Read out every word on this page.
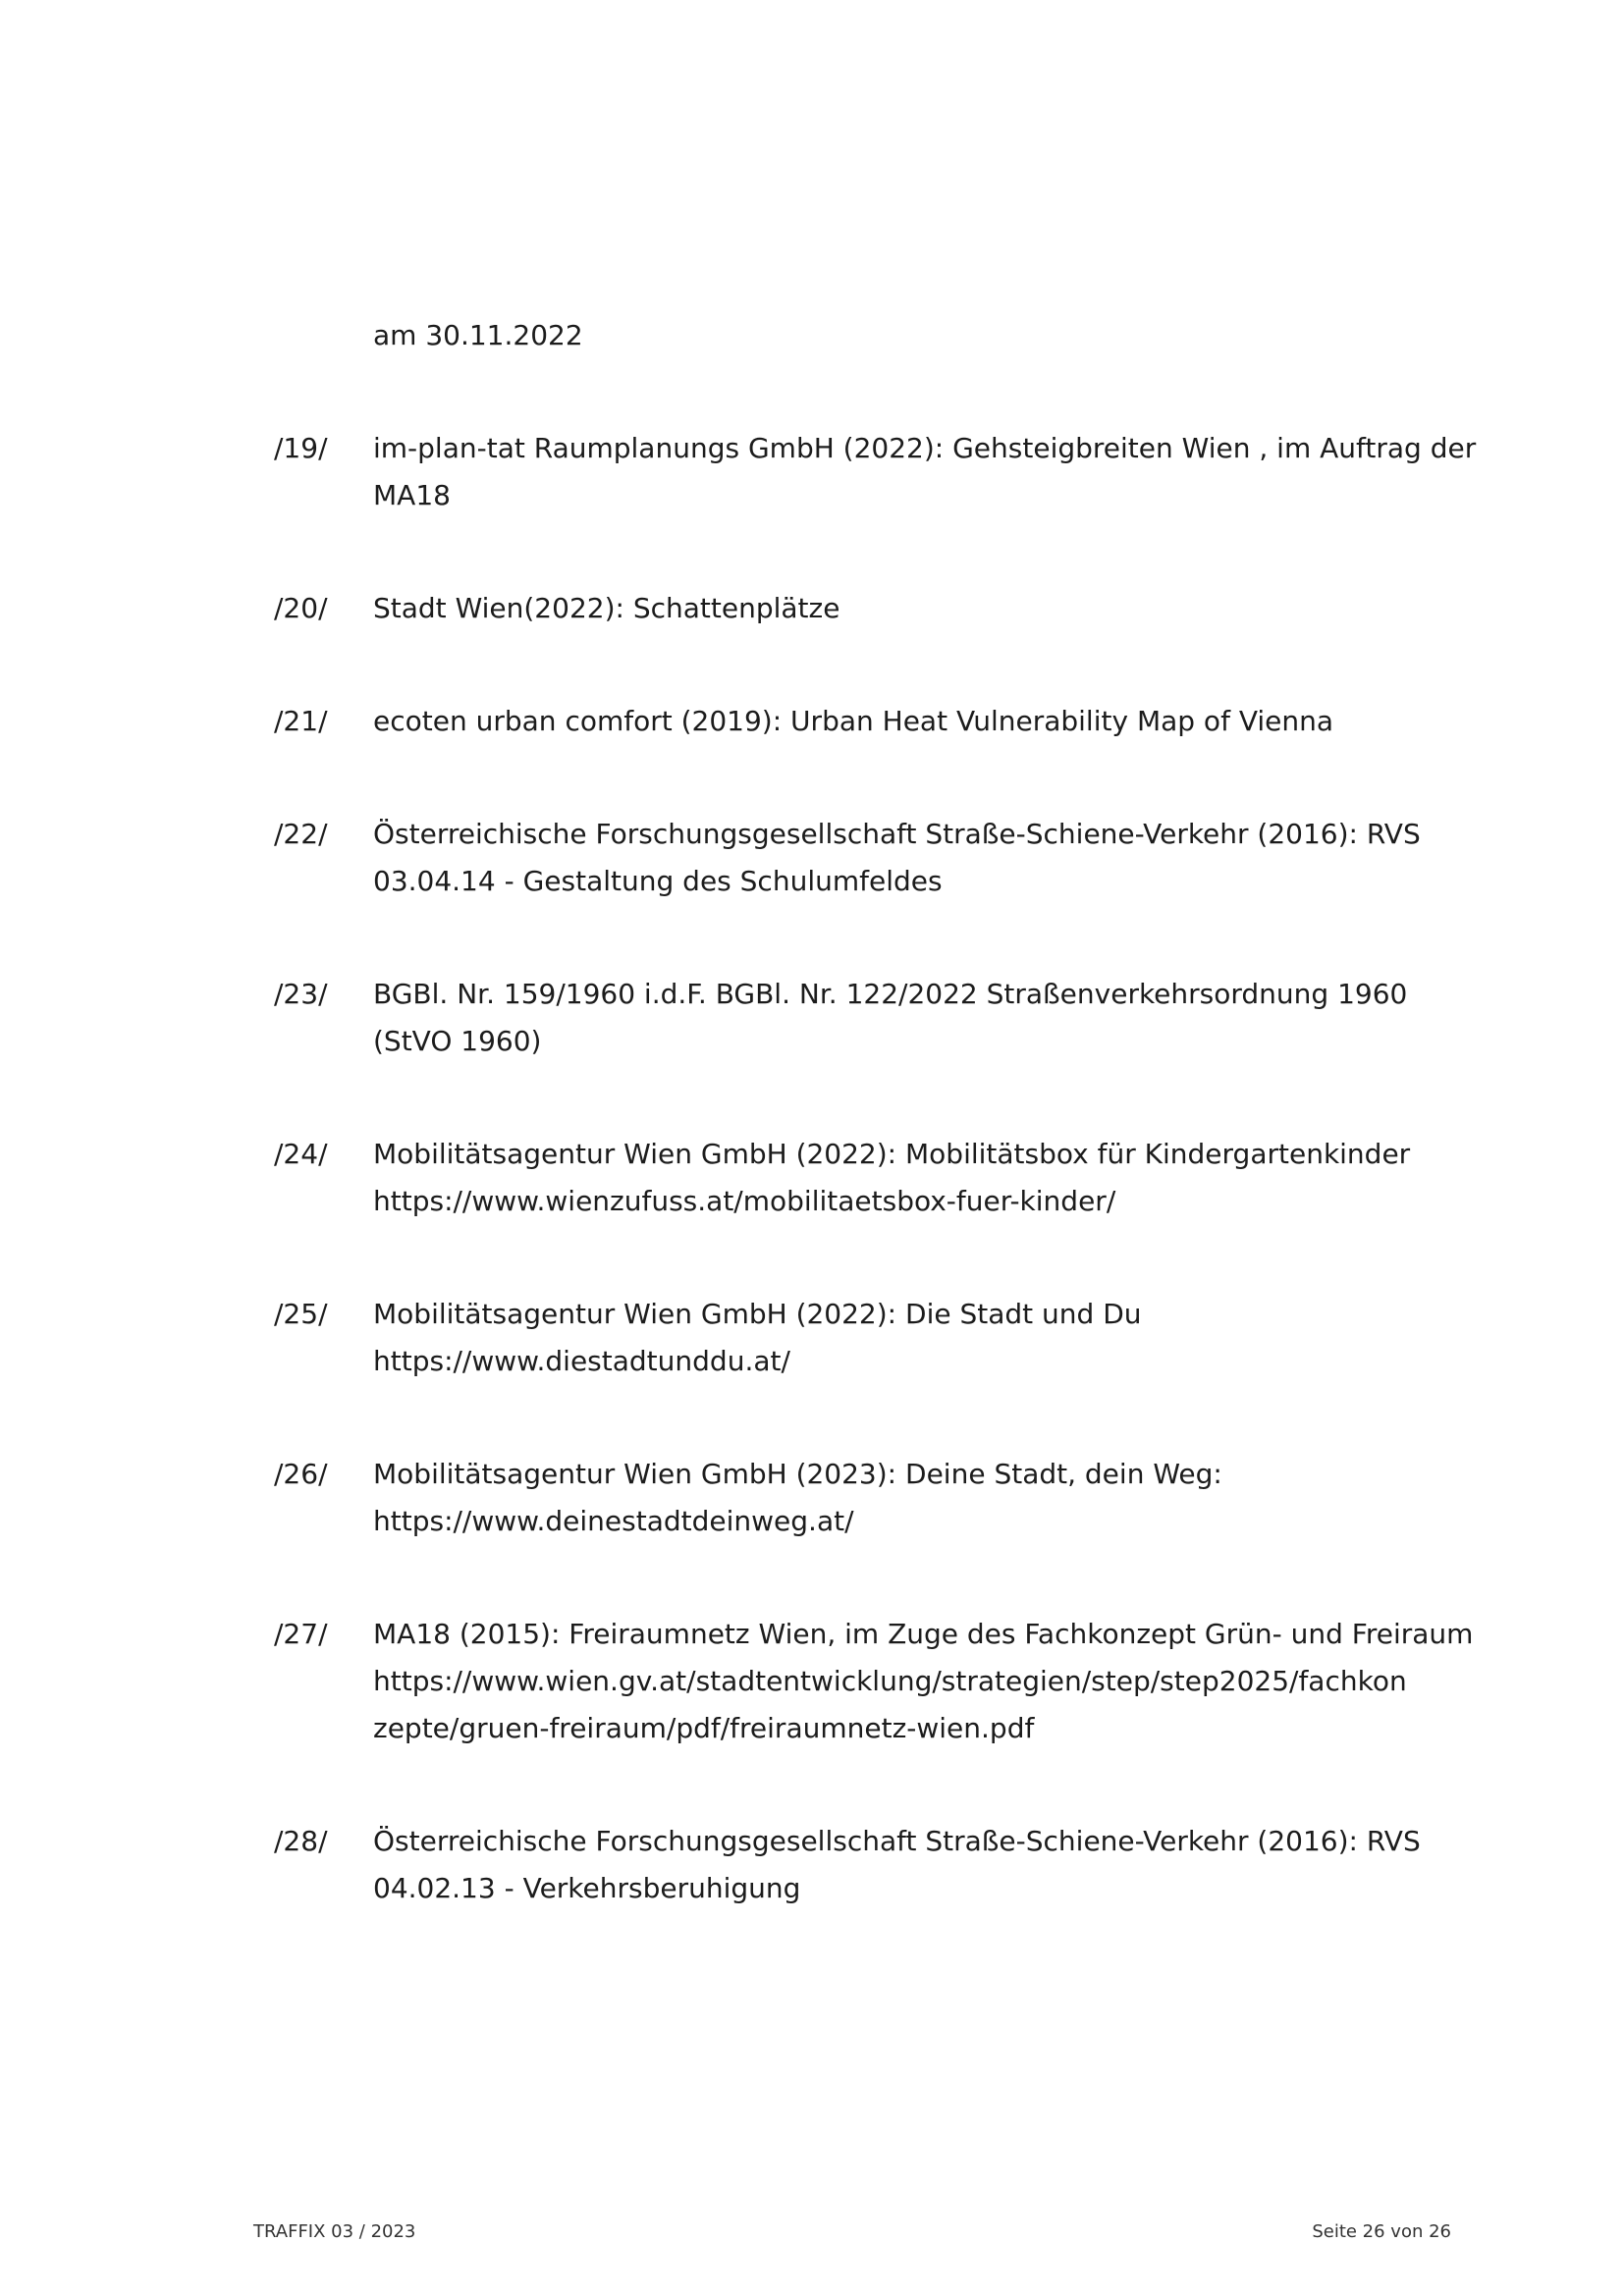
am 30.11.2022
/19/	im-plan-tat Raumplanungs GmbH (2022): Gehsteigbreiten Wien , im Auftrag der
MA18
/20/	Stadt Wien(2022): Schattenplätze
/21/	ecoten urban comfort (2019): Urban Heat Vulnerability Map of Vienna
/22/	Österreichische Forschungsgesellschaft Straße-Schiene-Verkehr (2016): RVS
03.04.14 - Gestaltung des Schulumfeldes
/23/	BGBl. Nr. 159/1960 i.d.F. BGBl. Nr. 122/2022 Straßenverkehrsordnung 1960
(StVO 1960)
/24/	Mobilitätsagentur Wien GmbH (2022): Mobilitätsbox für Kindergartenkinder
https://www.wienzufuss.at/mobilitaetsbox-fuer-kinder/
/25/	Mobilitätsagentur Wien GmbH (2022): Die Stadt und Du
https://www.diestadtunddu.at/
/26/	Mobilitätsagentur Wien GmbH (2023): Deine Stadt, dein Weg:
https://www.deinestadtdeinweg.at/
/27/	MA18 (2015): Freiraumnetz Wien, im Zuge des Fachkonzept Grün- und Freiraum
https://www.wien.gv.at/stadtentwicklung/strategien/step/step2025/fachkon
zepte/gruen-freiraum/pdf/freiraumnetz-wien.pdf
/28/	Österreichische Forschungsgesellschaft Straße-Schiene-Verkehr (2016): RVS
04.02.13 - Verkehrsberuhigung
TRAFFIX 03 / 2023	Seite 26 von 26
